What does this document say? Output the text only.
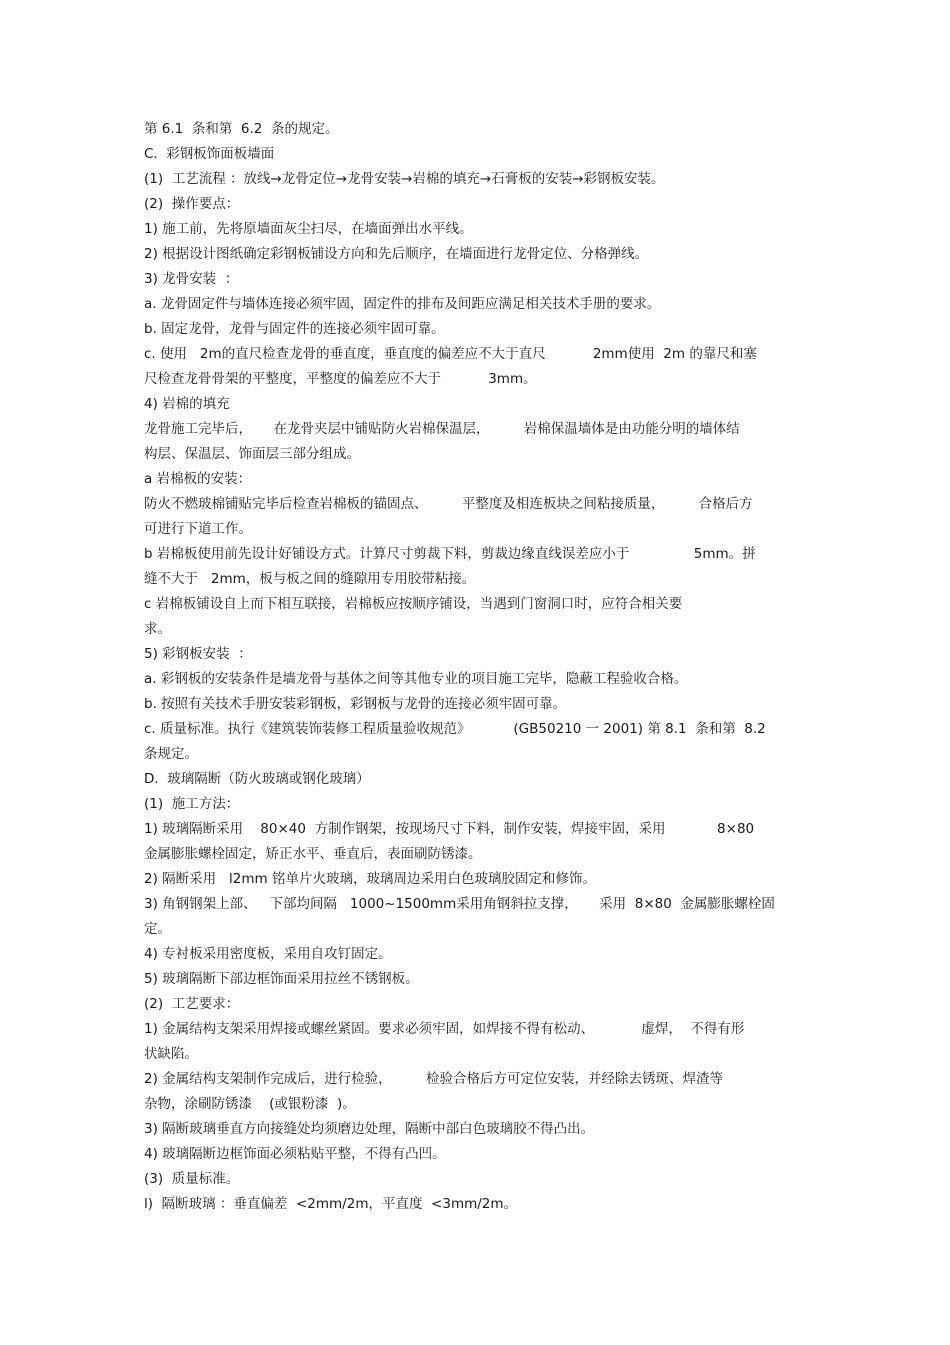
第 6.1  条和第  6.2  条的规定。
C.  彩钢板饰面板墙面
(1)  工艺流程 ：放线→龙骨定位→龙骨安装→岩棉的填充→石膏板的安装→彩钢板安装。
(2)  操作要点：
1) 施工前，先将原墙面灰尘扫尽，在墙面弹出水平线。
2) 根据设计图纸确定彩钢板铺设方向和先后顺序，在墙面进行龙骨定位、分格弹线。
3) 龙骨安装  ：
a. 龙骨固定件与墙体连接必须牢固，固定件的排布及间距应满足相关技术手册的要求。
b. 固定龙骨，龙骨与固定件的连接必须牢固可靠。
c. 使用   2m的直尺检查龙骨的垂直度，垂直度的偏差应不大于直尺           2mm使用  2m 的靠尺和塞
尺检查龙骨骨架的平整度，平整度的偏差应不大于           3mm。
4) 岩棉的填充
龙骨施工完毕后，     在龙骨夹层中铺贴防火岩棉保温层，        岩棉保温墙体是由功能分明的墙体结
构层、保温层、饰面层三部分组成。
a 岩棉板的安装：
防火不燃玻棉铺贴完毕后检查岩棉板的锚固点、        平整度及相连板块之间粘接质量，        合格后方
可进行下道工作。
b 岩棉板使用前先设计好铺设方式。计算尺寸剪裁下料，剪裁边缘直线误差应小于               5mm。拼
缝不大于   2mm，板与板之间的缝隙用专用胶带粘接。
c 岩棉板铺设自上而下相互联接，岩棉板应按顺序铺设，当遇到门窗洞口时，应符合相关要
求。
5) 彩钢板安装  ：
a. 彩钢板的安装条件是墙龙骨与基体之间等其他专业的项目施工完毕，隐蔽工程验收合格。
b. 按照有关技术手册安装彩钢板，彩钢板与龙骨的连接必须牢固可靠。
c. 质量标准。执行《建筑装饰装修工程质量验收规范》          (GB50210 一 2001) 第 8.1  条和第  8.2
条规定。
D.  玻璃隔断（防火玻璃或钢化玻璃）
(1)  施工方法：
1) 玻璃隔断采用    80×40  方制作钢架，按现场尺寸下料，制作安装，焊接牢固，采用            8×80
金属膨胀螺栓固定，矫正水平、垂直后，表面刷防锈漆。
2) 隔断采用   l2mm 铭单片火玻璃，玻璃周边采用白色玻璃胶固定和修饰。
3) 角钢钢架上部、   下部均间隔   1000~1500mm采用角钢斜拉支撑，     采用  8×80  金属膨胀螺栓固
定。
4) 专衬板采用密度板，采用自攻钉固定。
5) 玻璃隔断下部边框饰面采用拉丝不锈钢板。
(2)  工艺要求：
1) 金属结构支架采用焊接或螺丝紧固。要求必须牢固，如焊接不得有松动、           虚焊，  不得有形
状缺陷。
2) 金属结构支架制作完成后，进行检验，        检验合格后方可定位安装，并经除去锈斑、焊渣等
杂物，涂刷防锈漆    (或银粉漆  )。
3) 隔断玻璃垂直方向接缝处均须磨边处理，隔断中部白色玻璃胶不得凸出。
4) 玻璃隔断边框饰面必须粘贴平整，不得有凸凹。
(3)  质量标准。
l)  隔断玻璃 ：垂直偏差  <2mm/2m，平直度  <3mm/2m。
